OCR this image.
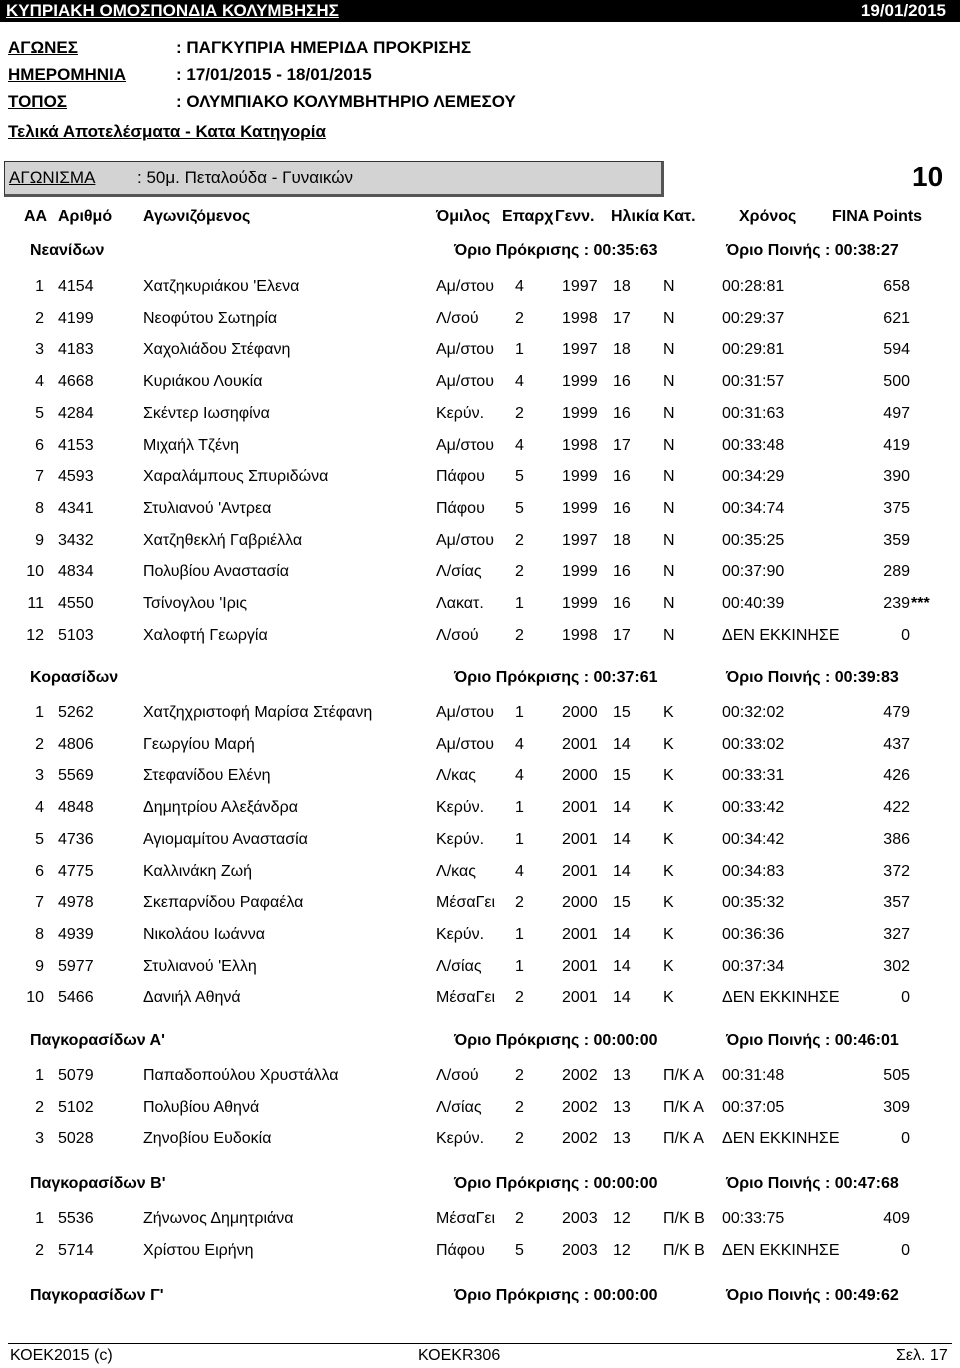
ΚΥΠΡΙΑΚΗ ΟΜΟΣΠΟΝΔΙΑ ΚΟΛΥΜΒΗΣΗΣ	19/01/2015
ΑΓΩΝΕΣ	: ΠΑΓΚΥΠΡΙΑ ΗΜΕΡΙΔΑ ΠΡΟΚΡΙΣΗΣ
ΗΜΕΡΟΜΗΝΙΑ	: 17/01/2015 - 18/01/2015
ΤΟΠΟΣ	: ΟΛΥΜΠΙΑΚΟ ΚΟΛΥΜΒΗΤΗΡΙΟ ΛΕΜΕΣΟΥ
Τελικά Αποτελέσματα - Κατα Κατηγορία
ΑΓΩΝΙΣΜΑ : 50μ. Πεταλούδα - Γυναικών	10
ΑΑ Αριθμό Αγωνιζόμενος	Όμιλος Επαρχ Γενν. Ηλικία Κατ.	Χρόνος FINA Points
Νεανίδων	Όριο Πρόκρισης : 00:35:63	Όριο Ποινής : 00:38:27
1 4154	Χατζηκυριάκου 'Ελενα	Αμ/στου 4 1997 18 Ν	00:28:81	658
2 4199	Νεοφύτου Σωτηρία	Λ/σού 2 1998 17 Ν	00:29:37	621
3 4183	Χαχολιάδου Στέφανη	Αμ/στου 1 1997 18 Ν	00:29:81	594
4 4668	Κυριάκου Λουκία	Αμ/στου 4 1999 16 Ν	00:31:57	500
5 4284	Σκέντερ Ιωσηφίνα	Κερύν. 2 1999 16 Ν	00:31:63	497
6 4153	Μιχαήλ Τζένη	Αμ/στου 4 1998 17 Ν	00:33:48	419
7 4593	Χαραλάμπους Σπυριδώνα	Πάφου 5 1999 16 Ν	00:34:29	390
8 4341	Στυλιανού 'Αντρεα	Πάφου 5 1999 16 Ν	00:34:74	375
9 3432	Χατζηθεκλή Γαβριέλλα	Αμ/στου 2 1997 18 Ν	00:35:25	359
10 4834	Πολυβίου Αναστασία	Λ/σίας 2 1999 16 Ν	00:37:90	289
11 4550	Τσίνογλου 'Ιρις	Λακατ. 1 1999 16 Ν	00:40:39	239 ***
12 5103	Χαλοφτή Γεωργία	Λ/σού 2 1998 17 Ν	ΔΕΝ ΕΚΚΙΝΗΣΕ	0
Κορασίδων	Όριο Πρόκρισης : 00:37:61	Όριο Ποινής : 00:39:83
1 5262	Χατζηχριστοφή Μαρίσα Στέφανη	Αμ/στου 1 2000 15 Κ	00:32:02	479
2 4806	Γεωργίου Μαρή	Αμ/στου 4 2001 14 Κ	00:33:02	437
3 5569	Στεφανίδου Ελένη	Λ/κας 4 2000 15 Κ	00:33:31	426
4 4848	Δημητρίου Αλεξάνδρα	Κερύν. 1 2001 14 Κ	00:33:42	422
5 4736	Αγιομαμίτου Αναστασία	Κερύν. 1 2001 14 Κ	00:34:42	386
6 4775	Καλλινάκη Ζωή	Λ/κας 4 2001 14 Κ	00:34:83	372
7 4978	Σκεπαρνίδου Ραφαέλα	ΜέσαΓει 2 2000 15 Κ	00:35:32	357
8 4939	Νικολάου Ιωάννα	Κερύν. 1 2001 14 Κ	00:36:36	327
9 5977	Στυλιανού 'Ελλη	Λ/σίας 1 2001 14 Κ	00:37:34	302
10 5466	Δανιήλ Αθηνά	ΜέσαΓει 2 2001 14 Κ	ΔΕΝ ΕΚΚΙΝΗΣΕ	0
Παγκορασίδων Α'	Όριο Πρόκρισης : 00:00:00	Όριο Ποινής : 00:46:01
1 5079	Παπαδοπούλου Χρυστάλλα	Λ/σού 2 2002 13 Π/Κ Α 00:31:48	505
2 5102	Πολυβίου Αθηνά	Λ/σίας 2 2002 13 Π/Κ Α 00:37:05	309
3 5028	Ζηνοβίου Ευδοκία	Κερύν. 2 2002 13 Π/Κ Α ΔΕΝ ΕΚΚΙΝΗΣΕ	0
Παγκορασίδων Β'	Όριο Πρόκρισης : 00:00:00	Όριο Ποινής : 00:47:68
1 5536	Ζήνωνος Δημητριάνα	ΜέσαΓει 2 2003 12 Π/Κ Β 00:33:75	409
2 5714	Χρίστου Ειρήνη	Πάφου 5 2003 12 Π/Κ Β ΔΕΝ ΕΚΚΙΝΗΣΕ	0
Παγκορασίδων Γ'	Όριο Πρόκρισης : 00:00:00	Όριο Ποινής : 00:49:62
ΚΟΕΚ2015 (c)	ΚΟΕΚR306	Σελ. 17
